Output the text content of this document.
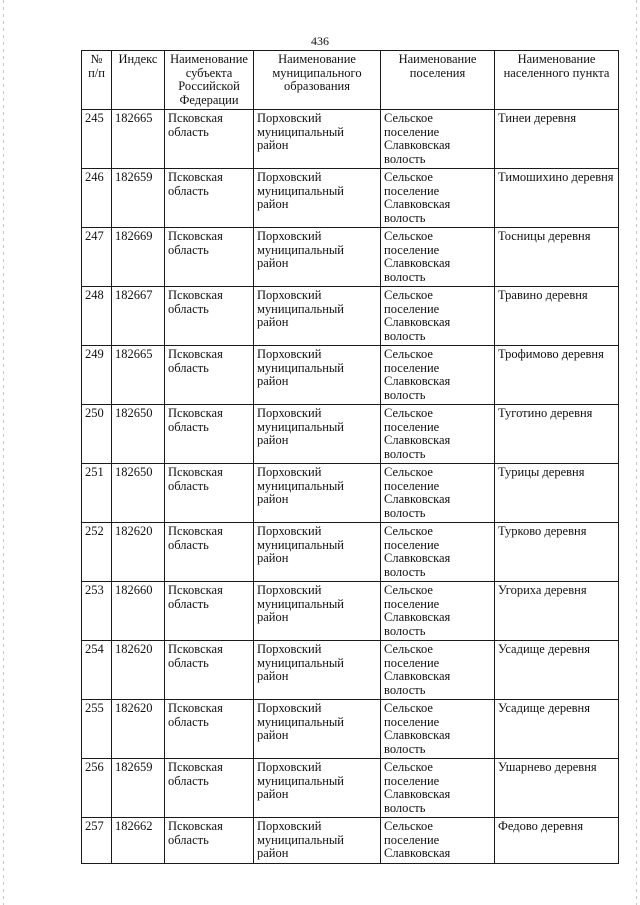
436
№ п/п	Индекс	Наименование субъекта Российской Федерации	Наименование муниципального образования	Наименование поселения	Наименование населенного пункта
245	182665	Псковская область	Порховский муниципальный район	Сельское поселение Славковская волость	Тинеи деревня
246	182659	Псковская область	Порховский муниципальный район	Сельское поселение Славковская волость	Тимошихино деревня
247	182669	Псковская область	Порховский муниципальный район	Сельское поселение Славковская волость	Тосницы деревня
248	182667	Псковская область	Порховский муниципальный район	Сельское поселение Славковская волость	Травино деревня
249	182665	Псковская область	Порховский муниципальный район	Сельское поселение Славковская волость	Трофимово деревня
250	182650	Псковская область	Порховский муниципальный район	Сельское поселение Славковская волость	Туготино деревня
251	182650	Псковская область	Порховский муниципальный район	Сельское поселение Славковская волость	Турицы деревня
252	182620	Псковская область	Порховский муниципальный район	Сельское поселение Славковская волость	Турково деревня
253	182660	Псковская область	Порховский муниципальный район	Сельское поселение Славковская волость	Угориха деревня
254	182620	Псковская область	Порховский муниципальный район	Сельское поселение Славковская волость	Усадище деревня
255	182620	Псковская область	Порховский муниципальный район	Сельское поселение Славковская волость	Усадище деревня
256	182659	Псковская область	Порховский муниципальный район	Сельское поселение Славковская волость	Ушарнево деревня
257	182662	Псковская область	Порховский муниципальный район	Сельское поселение Славковская	Федово деревня
